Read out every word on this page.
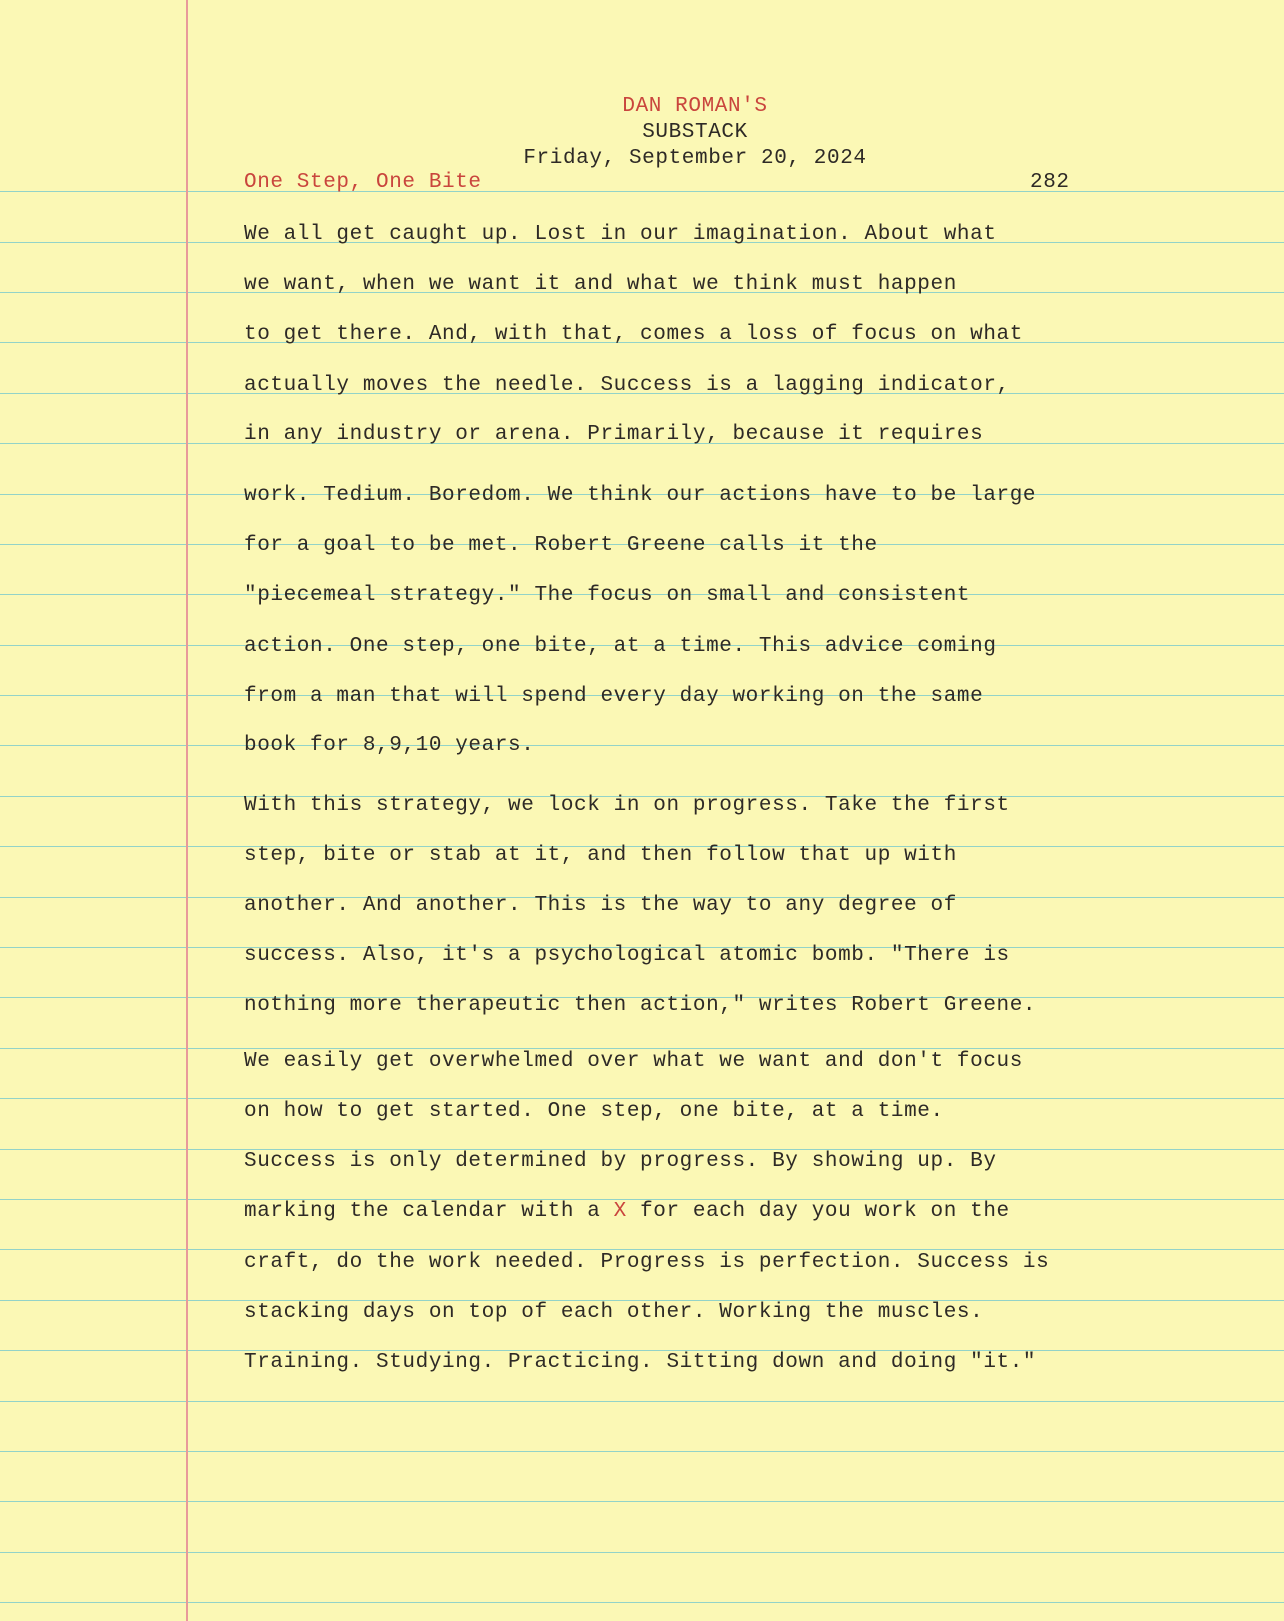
DAN ROMAN'S
SUBSTACK
Friday, September 20, 2024
One Step, One Bite	282
We all get caught up. Lost in our imagination. About what
we want, when we want it and what we think must happen
to get there. And, with that, comes a loss of focus on what
actually moves the needle. Success is a lagging indicator,
in any industry or arena. Primarily, because it requires
work. Tedium. Boredom. We think our actions have to be large
for a goal to be met. Robert Greene calls it the
"piecemeal strategy." The focus on small and consistent
action. One step, one bite, at a time. This advice coming
from a man that will spend every day working on the same
book for 8,9,10 years.
With this strategy, we lock in on progress. Take the first
step, bite or stab at it, and then follow that up with
another. And another. This is the way to any degree of
success. Also, it's a psychological atomic bomb. "There is
nothing more therapeutic then action," writes Robert Greene.
We easily get overwhelmed over what we want and don't focus
on how to get started. One step, one bite, at a time.
Success is only determined by progress. By showing up. By
marking the calendar with a X for each day you work on the
craft, do the work needed. Progress is perfection. Success is
stacking days on top of each other. Working the muscles.
Training. Studying. Practicing. Sitting down and doing "it."
